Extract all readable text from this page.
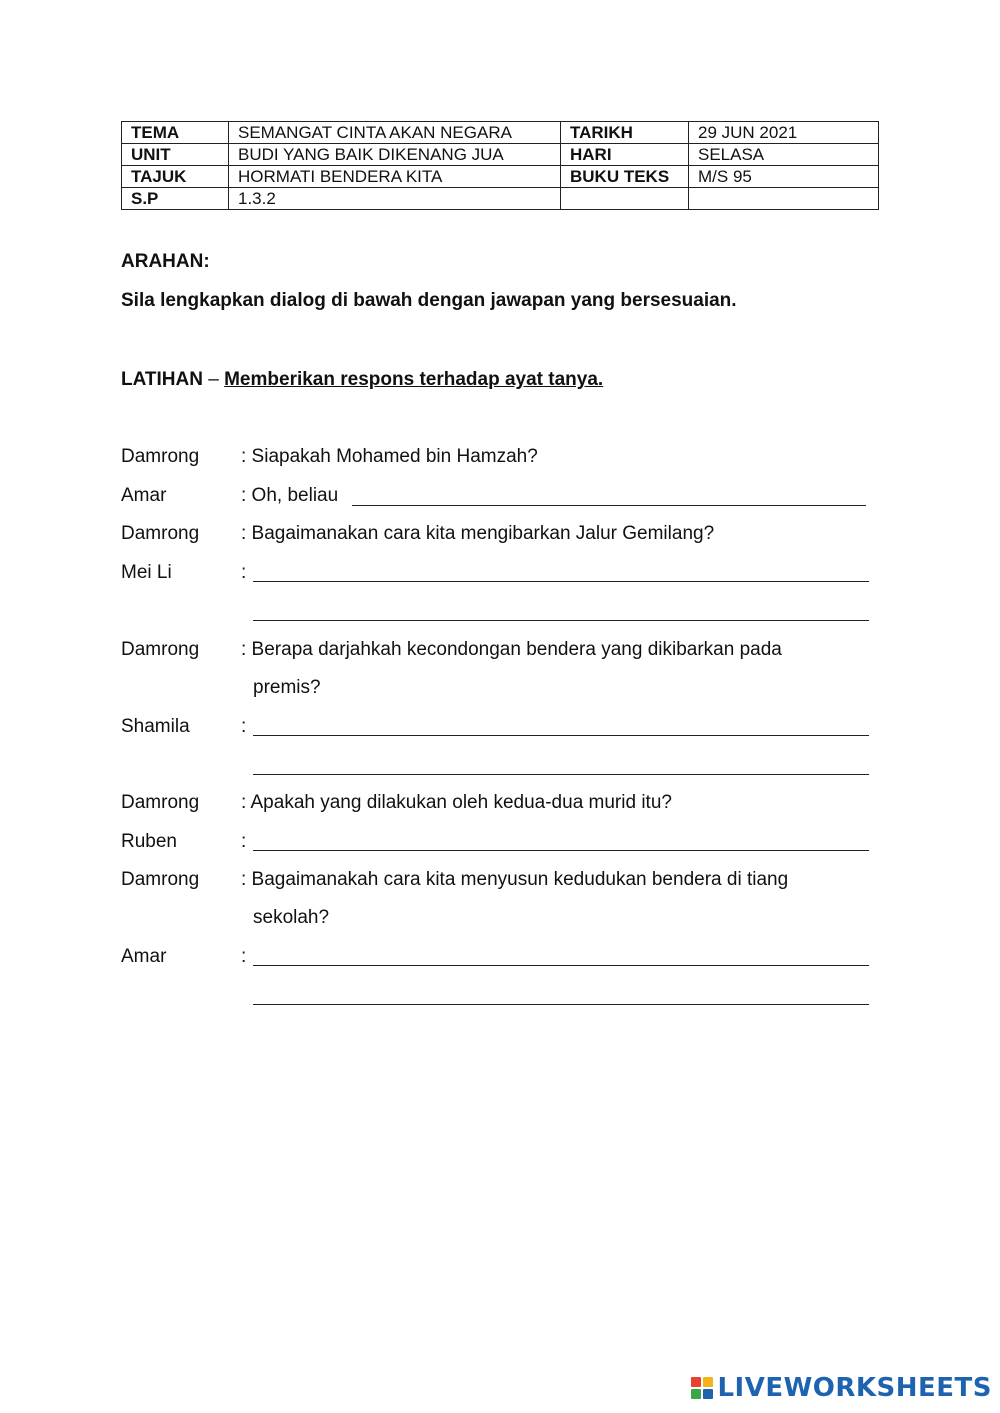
TEMA	SEMANGAT CINTA AKAN NEGARA	TARIKH	29 JUN 2021
UNIT	BUDI YANG BAIK DIKENANG JUA	HARI	SELASA
TAJUK	HORMATI BENDERA KITA	BUKU TEKS	M/S 95
S.P	1.3.2		
ARAHAN:
Sila lengkapkan dialog di bawah dengan jawapan yang bersesuaian.
LATIHAN – Memberikan respons terhadap ayat tanya.
Damrong : Siapakah Mohamed bin Hamzah?
Amar	: Oh, beliau
Damrong : Bagaimanakan cara kita mengibarkan Jalur Gemilang?
Mei Li	:
Damrong : Berapa darjahkah kecondongan bendera yang dikibarkan pada
premis?
Shamila	:
Damrong : Apakah yang dilakukan oleh kedua-dua murid itu?
Ruben	:
Damrong : Bagaimanakah cara kita menyusun kedudukan bendera di tiang
sekolah?
Amar	:
LIVEWORKSHEETS
